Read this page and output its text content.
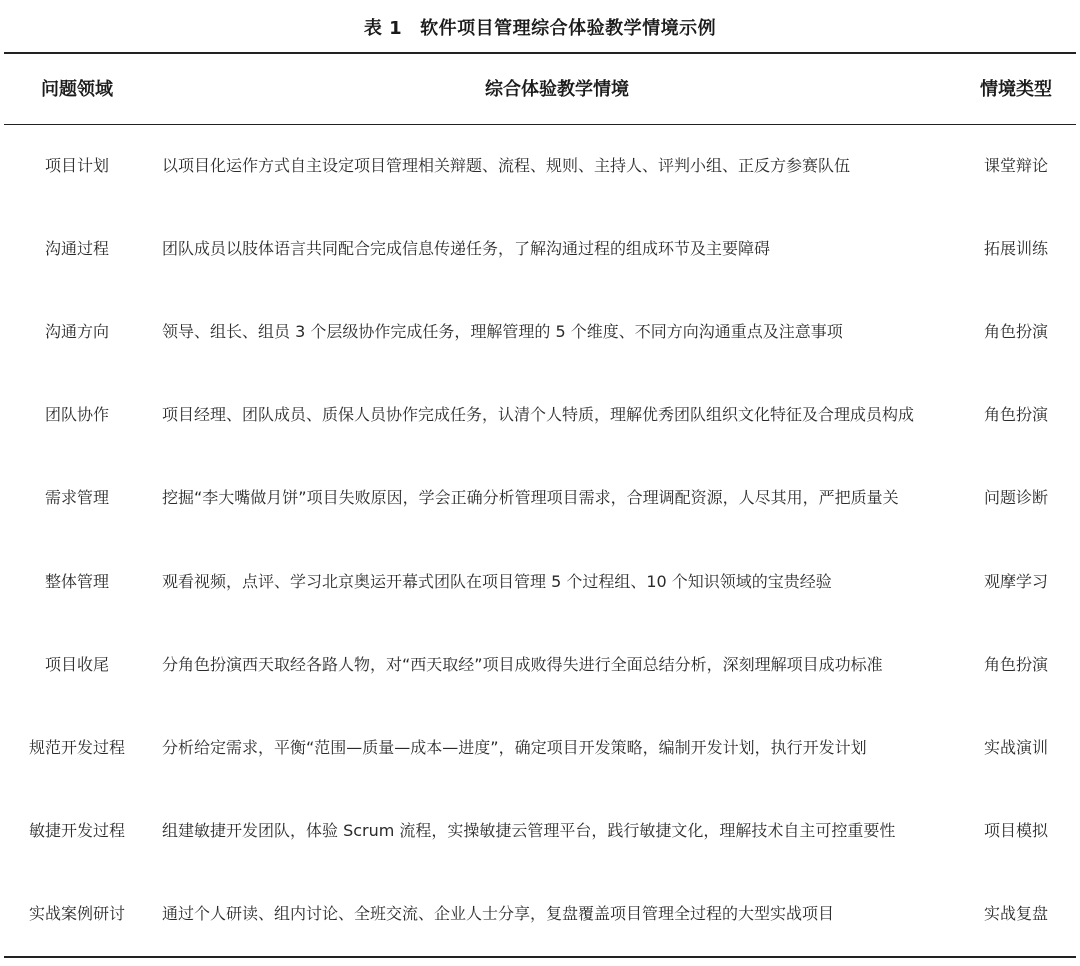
表 1 软件项目管理综合体验教学情境示例
问题领域	综合体验教学情境	情境类型
项目计划	以项目化运作方式自主设定项目管理相关辩题、流程、规则、主持人、评判小组、正反方参赛队伍	课堂辩论
沟通过程	团队成员以肢体语言共同配合完成信息传递任务，了解沟通过程的组成环节及主要障碍	拓展训练
沟通方向	领导、组长、组员 3 个层级协作完成任务，理解管理的 5 个维度、不同方向沟通重点及注意事项	角色扮演
团队协作	项目经理、团队成员、质保人员协作完成任务，认清个人特质，理解优秀团队组织文化特征及合理成员构成	角色扮演
需求管理	挖掘“李大嘴做月饼”项目失败原因，学会正确分析管理项目需求，合理调配资源，人尽其用，严把质量关	问题诊断
整体管理	观看视频，点评、学习北京奥运开幕式团队在项目管理 5 个过程组、10 个知识领域的宝贵经验	观摩学习
项目收尾	分角色扮演西天取经各路人物，对“西天取经”项目成败得失进行全面总结分析，深刻理解项目成功标准	角色扮演
规范开发过程	分析给定需求，平衡“范围—质量—成本—进度”，确定项目开发策略，编制开发计划，执行开发计划	实战演训
敏捷开发过程	组建敏捷开发团队，体验 Scrum 流程，实操敏捷云管理平台，践行敏捷文化，理解技术自主可控重要性	项目模拟
实战案例研讨	通过个人研读、组内讨论、全班交流、企业人士分享，复盘覆盖项目管理全过程的大型实战项目	实战复盘
